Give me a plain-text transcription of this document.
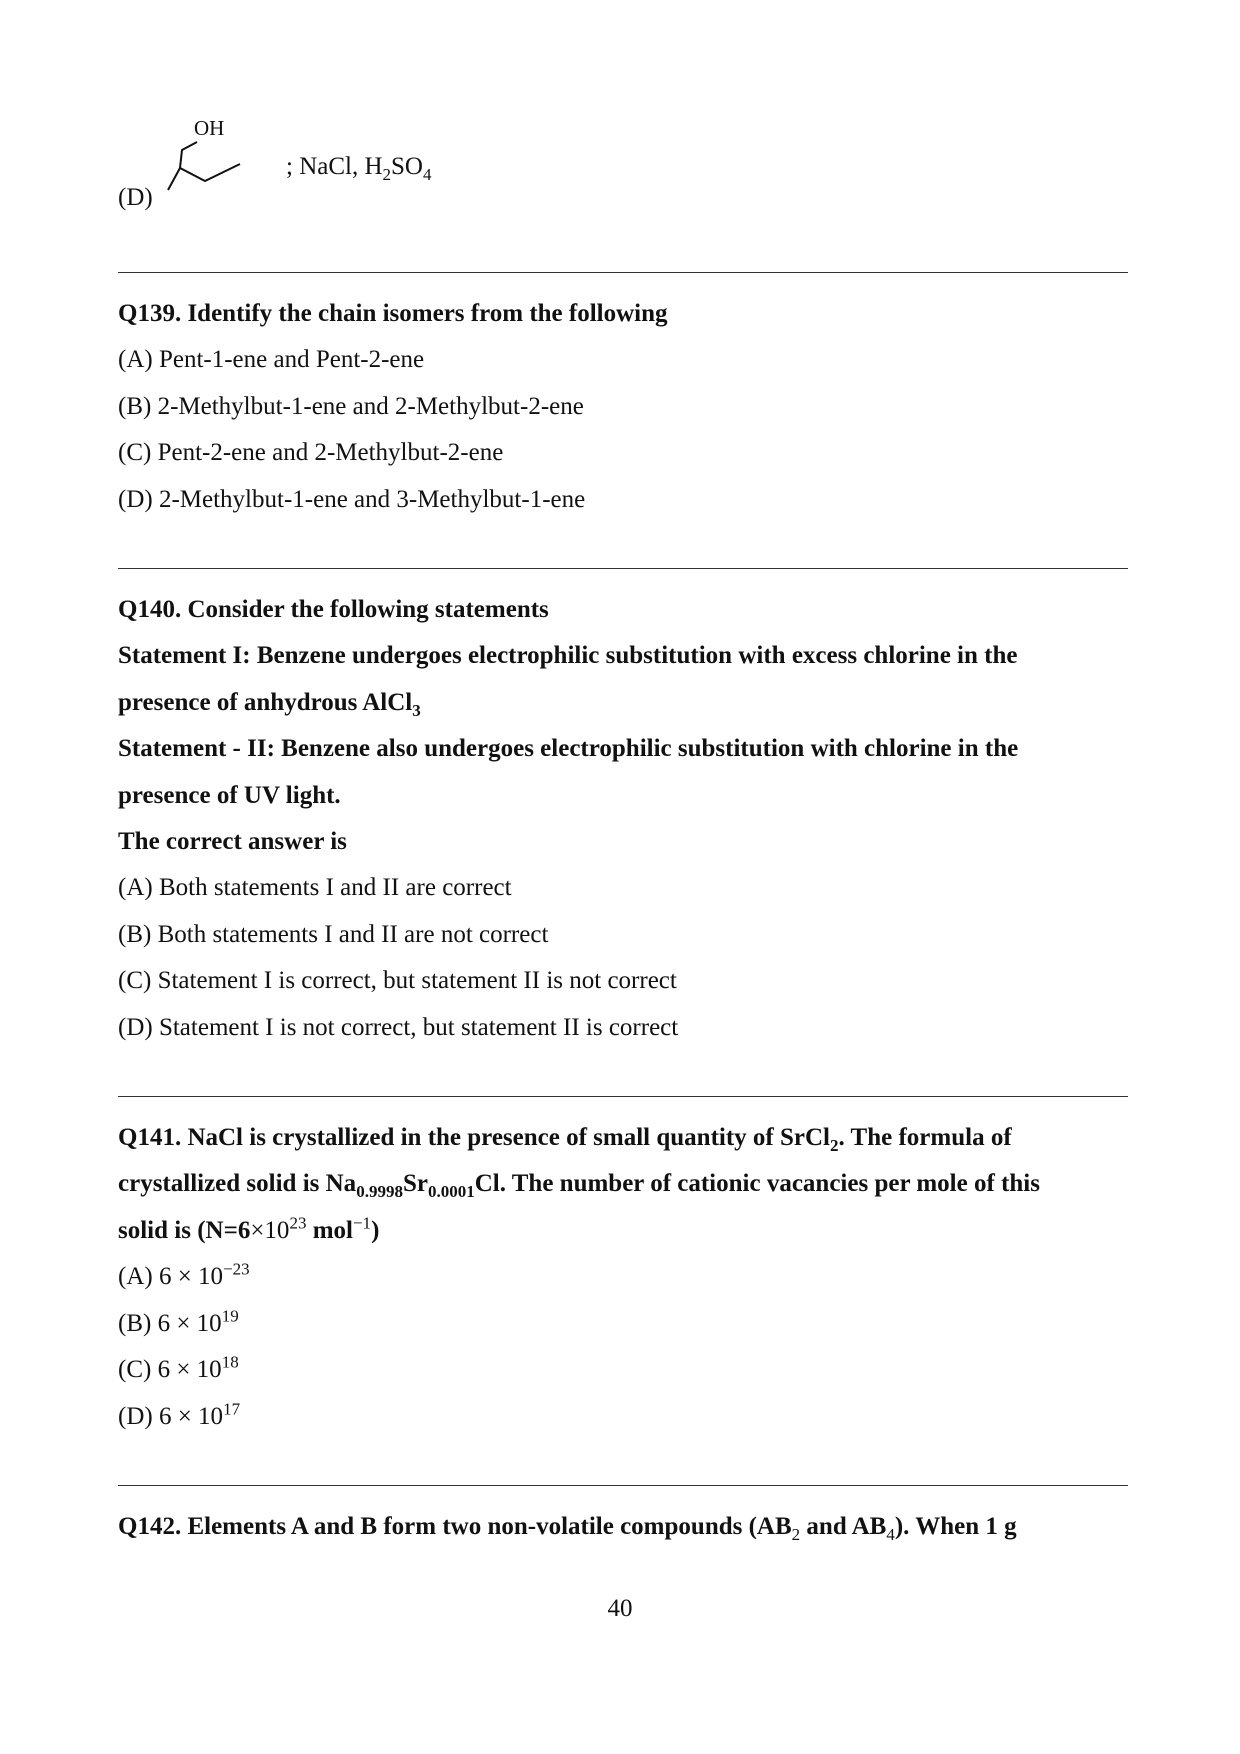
(D)
OH
; NaCl, $H_2SO_4$
Q139. Identify the chain isomers from the following
(A) Pent-1-ene and Pent-2-ene
(B) 2-Methylbut-1-ene and 2-Methylbut-2-ene
(C) Pent-2-ene and 2-Methylbut-2-ene
(D) 2-Methylbut-1-ene and 3-Methylbut-1-ene
Q140. Consider the following statements
Statement I: Benzene undergoes electrophilic substitution with excess chlorine in the
presence of anhydrous AlCl$_3$
Statement - II: Benzene also undergoes electrophilic substitution with chlorine in the
presence of UV light.
The correct answer is
(A) Both statements I and II are correct
(B) Both statements I and II are not correct
(C) Statement I is correct, but statement II is not correct
(D) Statement I is not correct, but statement II is correct
Q141. NaCl is crystallized in the presence of small quantity of SrCl$_2$. The formula of
crystallized solid is $Na_{0.9998}Sr_{0.0001}Cl$. The number of cationic vacancies per mole of this
solid is ($N=6\times 10^{23}$ mol$^{-1}$)
(A) $6 \times 10^{-23}$
(B) $6 \times 10^{19}$
(C) $6 \times 10^{18}$
(D) $6 \times 10^{17}$
Q142. Elements A and B form two non-volatile compounds ($AB_2$ and $AB_4$). When 1 g
40
